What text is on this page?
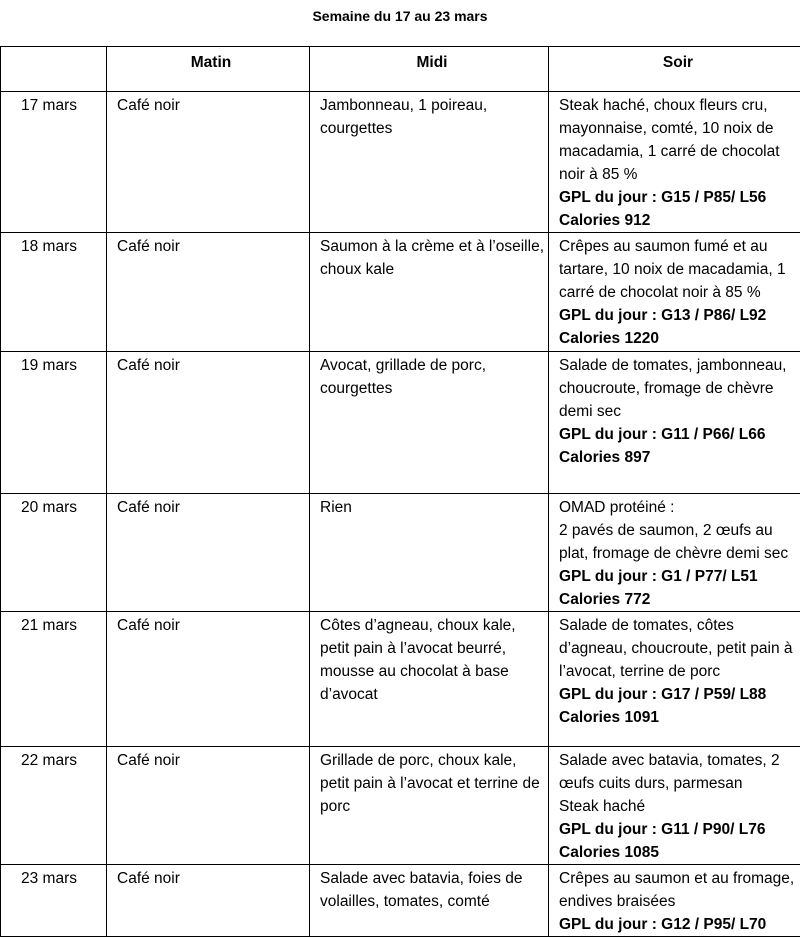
Semaine du 17 au 23 mars
	Matin	Midi	Soir
17 mars	Café noir	Jambonneau, 1 poireau, courgettes	Steak haché, choux fleurs cru, mayonnaise, comté, 10 noix de macadamia, 1 carré de chocolat noir à 85 %
GPL du jour : G15 / P85/ L56
Calories 912

18 mars	Café noir	Saumon à la crème et à l’oseille, choux kale	Crêpes au saumon fumé et au tartare, 10 noix de macadamia, 1 carré de chocolat noir à 85 %
GPL du jour : G13 / P86/ L92
Calories 1220

19 mars	Café noir	Avocat, grillade de porc, courgettes	Salade de tomates, jambonneau, choucroute, fromage de chèvre demi sec
GPL du jour : G11 / P66/ L66
Calories 897

20 mars	Café noir	Rien	OMAD protéiné :
2 pavés de saumon, 2 œufs au plat, fromage de chèvre demi sec
GPL du jour : G1 / P77/ L51
Calories 772

21 mars	Café noir	Côtes d’agneau, choux kale, petit pain à l’avocat beurré, mousse au chocolat à base d’avocat	Salade de tomates, côtes d’agneau, choucroute, petit pain à l’avocat, terrine de porc
GPL du jour : G17 / P59/ L88
Calories 1091

22 mars	Café noir	Grillade de porc, choux kale, petit pain à l’avocat et terrine de porc	Salade avec batavia, tomates, 2 œufs cuits durs, parmesan
Steak haché
GPL du jour : G11 / P90/ L76
Calories 1085

23 mars	Café noir	Salade avec batavia, foies de volailles, tomates, comté	Crêpes au saumon et au fromage, endives braisées
GPL du jour : G12 / P95/ L70
